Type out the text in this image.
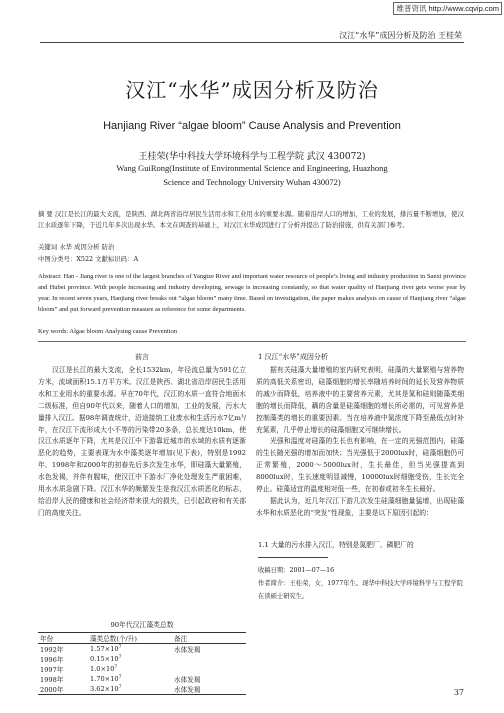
维普资讯 http://www.cqvip.com
汉江“水华”成因分析及防治 王桂荣
汉江“水华”成因分析及防治
Hanjiang River “algae bloom” Cause Analysis and Prevention
王桂荣(华中科技大学环境科学与工程学院 武汉 430072)
Wang GuiRong(Institute of Environmental Science and Engineering, Huazhong
Science and Technology University Wuhan 430072)
摘 要 汉江是长江的最大支流，是陕西、湖北两省沿岸居民生活用水和工业用水的重要水源。随着沿岸人口的增加，工业的发展，排污量不断增加，使汉江水质逐年下降，于近几年多次出现水华。本文在调查的基础上，对汉江水华成因进行了分析并提出了防治措施，供有关部门参考。
关键词 水华 成因分析 防治
中图分类号：X522 文献标识码：A
Abstract: Han - Jiang river is one of the largest branches of Yangtze River and important water resource of people’s living and industry production in Sanxi province and Hubei province. With people increasing and industry developing, sewage is increasing constantly, so that water quality of Hanjiang river gets worse year by year. In recent seven years, Hanjiang river breaks out “algae bloom” many time. Based on investigation, the paper makes analysis on cause of Hanjiang river “algae bloom” and put forward prevention measure as reference for some departments.
Key words: Algae bloom Analysing cause Prevention
前言

汉江是长江的最大支流，全长1532km，年径流总量为591亿立方米，流域面积15.1万平方米。汉江是陕西、湖北省沿岸居民生活用水和工业用水的重要水源。早在70年代，汉江的水质一直符合地面水二级标准，但自90年代以来，随着人口的增加，工业的发展，污水大量排入汉江。据98年调查统计，沿途接纳工业废水和生活污水7亿m³/年，在汉江下流形成大小不等的污染带20多条，总长度达10km，使汉江水质逐年下降，尤其是汉江中下游靠近城市的水域的水质有逐渐恶化的趋势，主要表现为水中藻类逐年增加(见下表)，特别是1992年、1998年和2000年的初春先后多次发生水华，即硅藻大量繁殖，水色发褐，并伴有腥味，使汉江中下游水厂净化处理发生严重困难，用水水质急剧下降。汉江水华的频繁发生是我汉江水质恶化的标志，给沿岸人民的健康和社会经济带来很大的损失，已引起政府和有关部门的高度关注。

90年代汉江藻类总数
年份	藻类总数(个/升)	备注
1992年	$1.57\times 10^7$	水体发褐
1996年	$0.15\times 10^7$	
1997年	$1.0\times 10^7$	
1998年	$1.70\times 10^7$	水体发褐
2000年	$3.62\times 10^7$	水体发褐
1 汉江“水华”成因分析

据有关硅藻大量增殖的室内研究表明，硅藻的大量繁殖与营养物质的高低关系密切，硅藻细胞的增长率随培养时间的延长及营养物质的减少而降低，培养液中的主要营养元素，尤其是氮和硅则随藻类细胞的增长而降低，藕的含量是硅藻细胞的增长所必需的，可见营养是控制藻类的增长的重要因素。当在培养液中氮浓度下降至最低点时补充氮素，几乎停止增长的硅藻细胞又可继续增长。

光强和温度对硅藻的生长也有影响，在一定的光强范围内，硅藻的生长随光强的增加而加快；当光强低于2000lux时，硅藻细胞仍可正常繁殖，2000～5000lux时，生长最佳，但当光强提高到8000lux时，生长速度明显减慢，10000lux时细胞受伤，生长完全停止。硅藻适宜的温度相对低一些，在初春或初冬生长最好。

据此认为，近几年汉江下游几次发生硅藻细胞量猛增，出现硅藻水华和水质恶化的“突发”性现象，主要是以下原因引起的：

1.1 大量的污水排入汉江，特别是氮肥厂、磷肥厂的
收稿日期：2001—07—16
作者简介：王桂荣，女，1977年生。现华中科技大学环境科学与工程学院在读硕士研究生。
37
